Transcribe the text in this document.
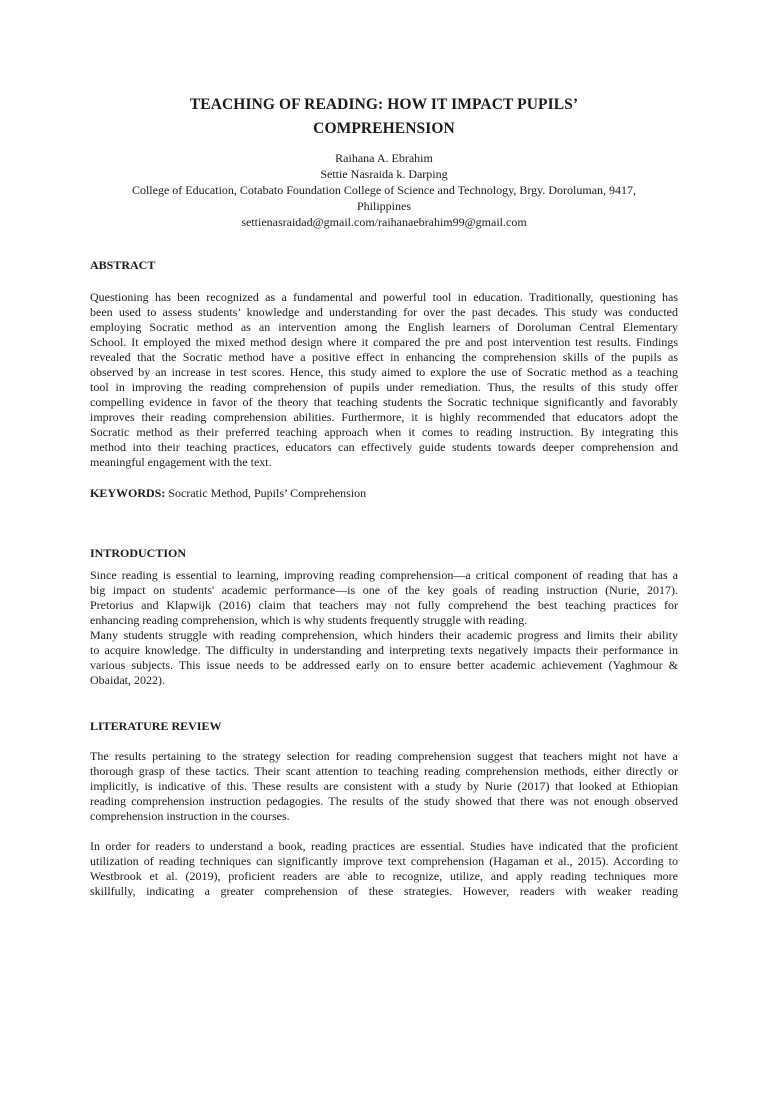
TEACHING OF READING: HOW IT IMPACT PUPILS’
COMPREHENSION
Raihana A. Ebrahim
Settie Nasraida k. Darping
College of Education, Cotabato Foundation College of Science and Technology, Brgy. Doroluman, 9417,
Philippines
settienasraidad@gmail.com/raihanaebrahim99@gmail.com
ABSTRACT

Questioning has been recognized as a fundamental and powerful tool in education. Traditionally, questioning has
been used to assess students’ knowledge and understanding for over the past decades. This study was conducted
employing Socratic method as an intervention among the English learners of Doroluman Central Elementary
School. It employed the mixed method design where it compared the pre and post intervention test results. Findings
revealed that the Socratic method have a positive effect in enhancing the comprehension skills of the pupils as
observed by an increase in test scores. Hence, this study aimed to explore the use of Socratic method as a teaching
tool in improving the reading comprehension of pupils under remediation. Thus, the results of this study offer
compelling evidence in favor of the theory that teaching students the Socratic technique significantly and favorably
improves their reading comprehension abilities. Furthermore, it is highly recommended that educators adopt the
Socratic method as their preferred teaching approach when it comes to reading instruction. By integrating this
method into their teaching practices, educators can effectively guide students towards deeper comprehension and
meaningful engagement with the text.

KEYWORDS: Socratic Method, Pupils’ Comprehension
INTRODUCTION

Since reading is essential to learning, improving reading comprehension—a critical component of reading that has a
big impact on students' academic performance—is one of the key goals of reading instruction (Nurie, 2017).
Pretorius and Klapwijk (2016) claim that teachers may not fully comprehend the best teaching practices for
enhancing reading comprehension, which is why students frequently struggle with reading.
Many students struggle with reading comprehension, which hinders their academic progress and limits their ability
to acquire knowledge. The difficulty in understanding and interpreting texts negatively impacts their performance in
various subjects. This issue needs to be addressed early on to ensure better academic achievement (Yaghmour &
Obaidat, 2022).

LITERATURE REVIEW

The results pertaining to the strategy selection for reading comprehension suggest that teachers might not have a
thorough grasp of these tactics. Their scant attention to teaching reading comprehension methods, either directly or
implicitly, is indicative of this. These results are consistent with a study by Nurie (2017) that looked at Ethiopian
reading comprehension instruction pedagogies. The results of the study showed that there was not enough observed
comprehension instruction in the courses.

In order for readers to understand a book, reading practices are essential. Studies have indicated that the proficient
utilization of reading techniques can significantly improve text comprehension (Hagaman et al., 2015). According to
Westbrook et al. (2019), proficient readers are able to recognize, utilize, and apply reading techniques more
skillfully, indicating a greater comprehension of these strategies. However, readers with weaker reading
